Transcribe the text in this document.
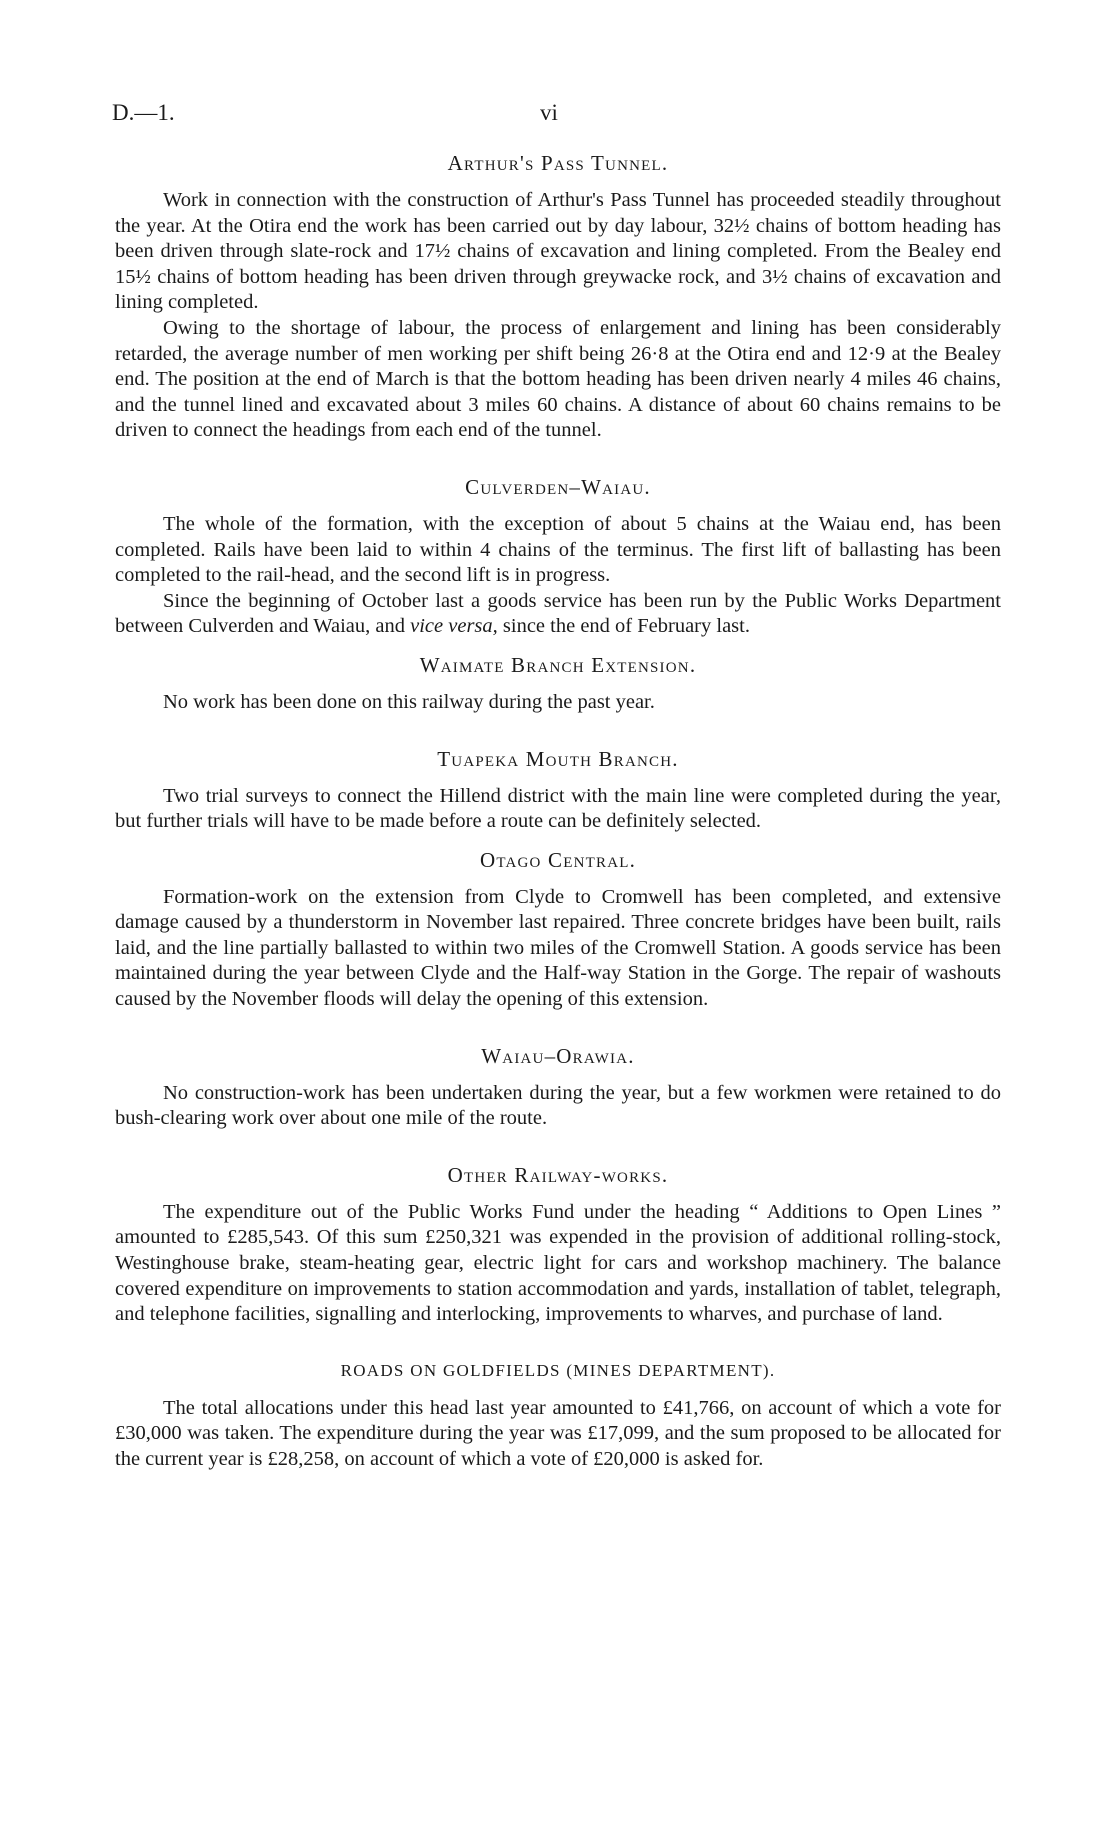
D.—1.	vi
Arthur's Pass Tunnel.

Work in connection with the construction of Arthur's Pass Tunnel has proceeded steadily throughout the year. At the Otira end the work has been carried out by day labour, 32½ chains of bottom heading has been driven through slate-rock and 17½ chains of excavation and lining completed. From the Bealey end 15½ chains of bottom heading has been driven through greywacke rock, and 3½ chains of excavation and lining completed.

Owing to the shortage of labour, the process of enlargement and lining has been considerably retarded, the average number of men working per shift being 26·8 at the Otira end and 12·9 at the Bealey end. The position at the end of March is that the bottom heading has been driven nearly 4 miles 46 chains, and the tunnel lined and excavated about 3 miles 60 chains. A distance of about 60 chains remains to be driven to connect the headings from each end of the tunnel.

Culverden–Waiau.

The whole of the formation, with the exception of about 5 chains at the Waiau end, has been completed. Rails have been laid to within 4 chains of the terminus. The first lift of ballasting has been completed to the rail-head, and the second lift is in progress.

Since the beginning of October last a goods service has been run by the Public Works Department between Culverden and Waiau, and vice versa, since the end of February last.

Waimate Branch Extension.

No work has been done on this railway during the past year.

Tuapeka Mouth Branch.

Two trial surveys to connect the Hillend district with the main line were completed during the year, but further trials will have to be made before a route can be definitely selected.

Otago Central.

Formation-work on the extension from Clyde to Cromwell has been completed, and extensive damage caused by a thunderstorm in November last repaired. Three concrete bridges have been built, rails laid, and the line partially ballasted to within two miles of the Cromwell Station. A goods service has been maintained during the year between Clyde and the Half-way Station in the Gorge. The repair of washouts caused by the November floods will delay the opening of this extension.

Waiau–Orawia.

No construction-work has been undertaken during the year, but a few workmen were retained to do bush-clearing work over about one mile of the route.

Other Railway-works.

The expenditure out of the Public Works Fund under the heading “ Additions to Open Lines ” amounted to £285,543. Of this sum £250,321 was expended in the provision of additional rolling-stock, Westinghouse brake, steam-heating gear, electric light for cars and workshop machinery. The balance covered expenditure on improvements to station accommodation and yards, installation of tablet, telegraph, and telephone facilities, signalling and interlocking, improvements to wharves, and purchase of land.

ROADS ON GOLDFIELDS (MINES DEPARTMENT).

The total allocations under this head last year amounted to £41,766, on account of which a vote for £30,000 was taken. The expenditure during the year was £17,099, and the sum proposed to be allocated for the current year is £28,258, on account of which a vote of £20,000 is asked for.
